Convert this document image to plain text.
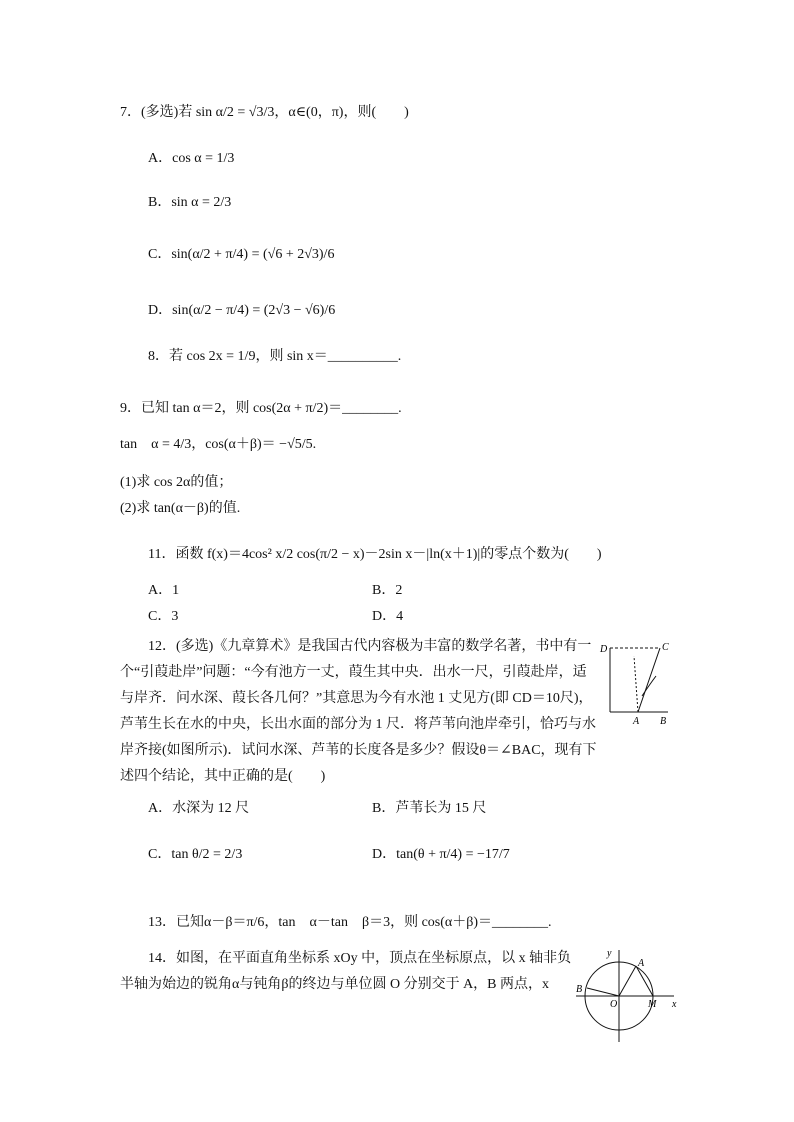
7．(多选)若 sin α/2 = √3/3，α∈(0，π)，则(　　)
A．cos α = 1/3
B．sin α = 2/3
C．sin(α/2 + π/4) = (√6 + 2√3)/6
D．sin(α/2 − π/4) = (2√3 − √6)/6
8．若 cos 2x = 1/9，则 sin x＝__________.
9．已知 tan α＝2，则 cos(2α + π/2)＝________.
tan　α = 4/3，cos(α＋β)＝ −√5/5.
(1)求 cos 2α的值；
(2)求 tan(α－β)的值.
11．函数 f(x)＝4cos² x/2 cos(π/2 − x)－2sin x－|ln(x＋1)|的零点个数为(　　)
A．1	B．2
C．3	D．4
12．(多选)《九章算术》是我国古代内容极为丰富的数学名著，书中有一个“引葭赴岸”问题：“今有池方一丈，葭生其中央．出水一尺，引葭赴岸，适与岸齐．问水深、葭长各几何？”其意思为今有水池 1 丈见方(即 CD＝10尺)，芦苇生长在水的中央，长出水面的部分为 1 尺．将芦苇向池岸牵引，恰巧与水岸齐接(如图所示)．试问水深、芦苇的长度各是多少？假设θ＝∠BAC，现有下述四个结论，其中正确的是(　　)
A．水深为 12 尺	B．芦苇长为 15 尺
C．tan θ/2 = 2/3	D．tan(θ + π/4) = −17/7
D	C
A B
13．已知α－β＝π/6，tan　α－tan　β＝3，则 cos(α＋β)＝________.
14．如图，在平面直角坐标系 xOy 中，顶点在坐标原点，以 x 轴非负半轴为始边的锐角α与钝角β的终边与单位圆 O 分别交于 A，B 两点，x
y
A
B
O	M x
